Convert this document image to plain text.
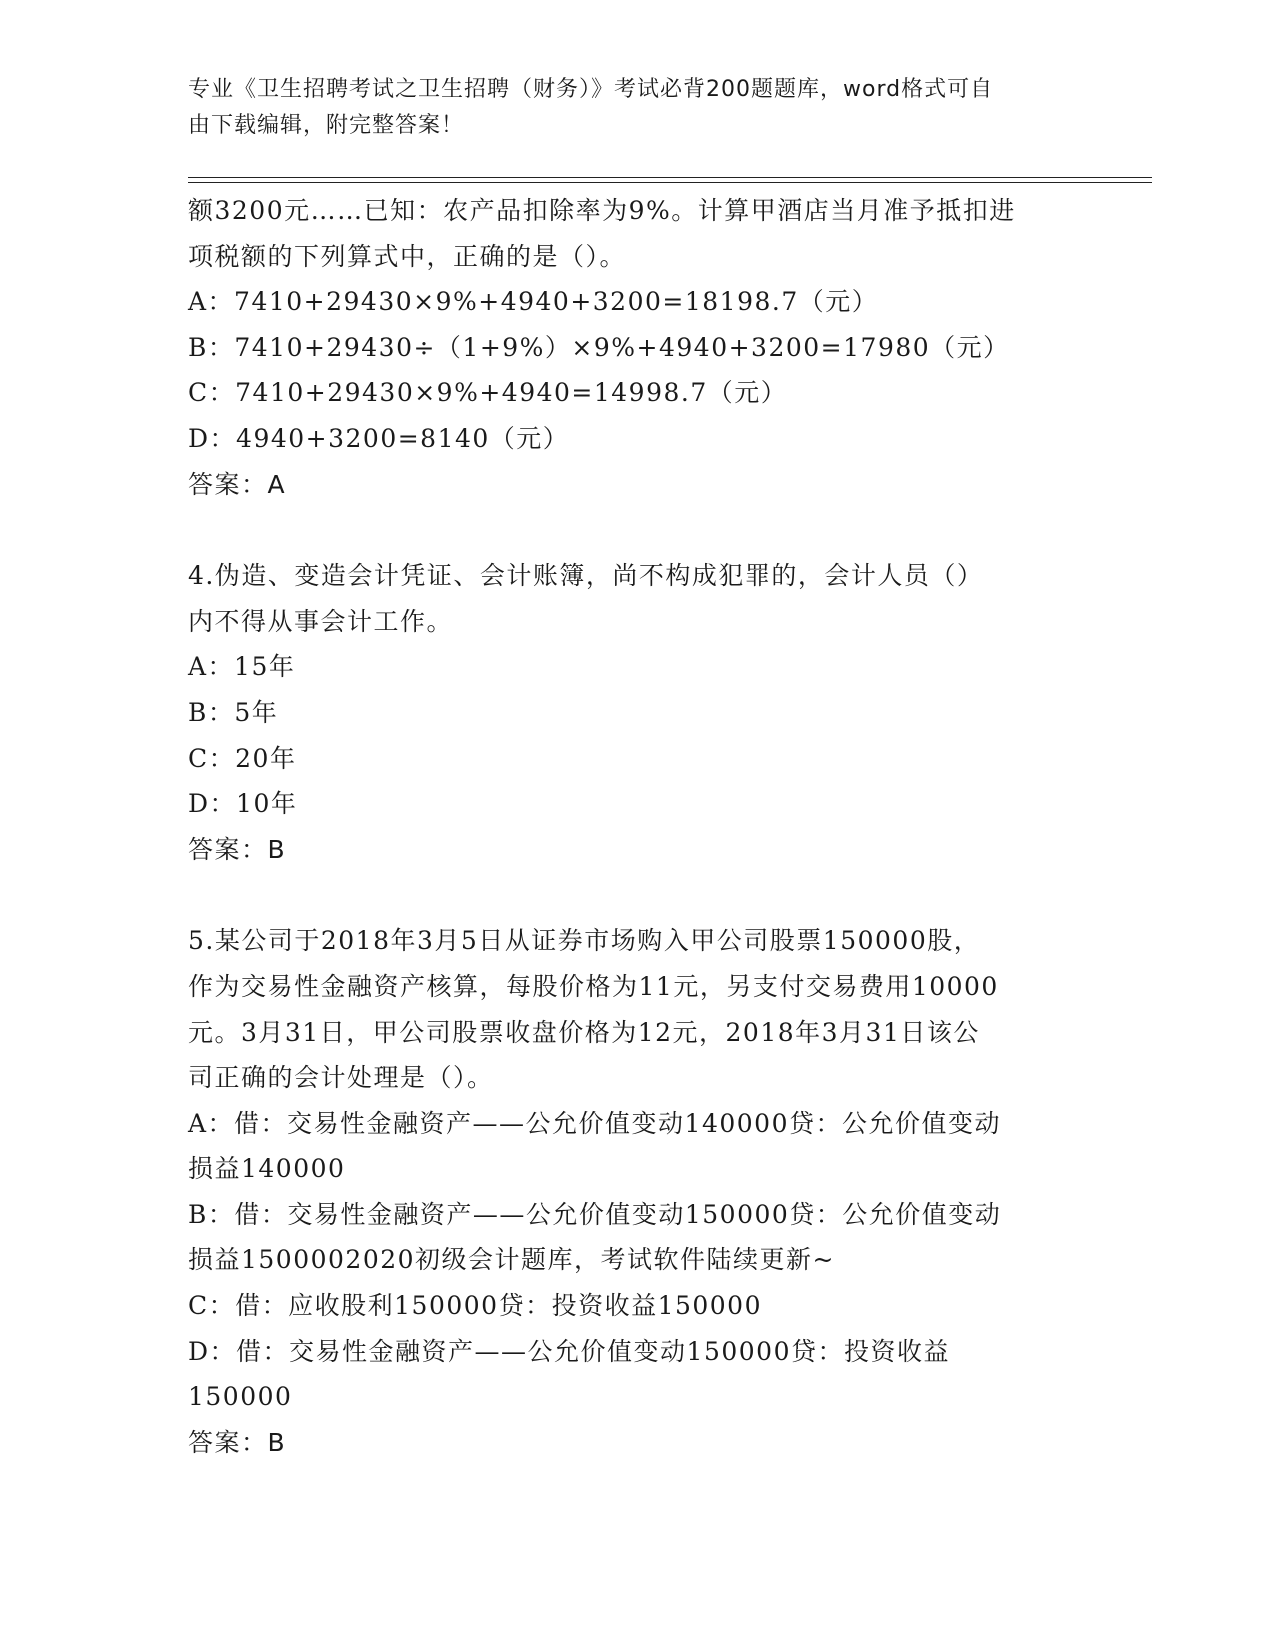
专业《卫生招聘考试之卫生招聘（财务）》考试必背200题题库，word格式可自
由下载编辑，附完整答案！
额3200元……已知：农产品扣除率为9%。计算甲酒店当月准予抵扣进
项税额的下列算式中，正确的是（）。
A：7410+29430×9%+4940+3200=18198.7（元）
B：7410+29430÷（1+9%）×9%+4940+3200=17980（元）
C：7410+29430×9%+4940=14998.7（元）
D：4940+3200=8140（元）
答案：A
4.伪造、变造会计凭证、会计账簿，尚不构成犯罪的，会计人员（）
内不得从事会计工作。
A：15年
B：5年
C：20年
D：10年
答案：B
5.某公司于2018年3月5日从证券市场购入甲公司股票150000股，
作为交易性金融资产核算，每股价格为11元，另支付交易费用10000
元。3月31日，甲公司股票收盘价格为12元，2018年3月31日该公
司正确的会计处理是（）。
A：借：交易性金融资产——公允价值变动140000贷：公允价值变动
损益140000
B：借：交易性金融资产——公允价值变动150000贷：公允价值变动
损益1500002020初级会计题库，考试软件陆续更新~
C：借：应收股利150000贷：投资收益150000
D：借：交易性金融资产——公允价值变动150000贷：投资收益
150000
答案：B
